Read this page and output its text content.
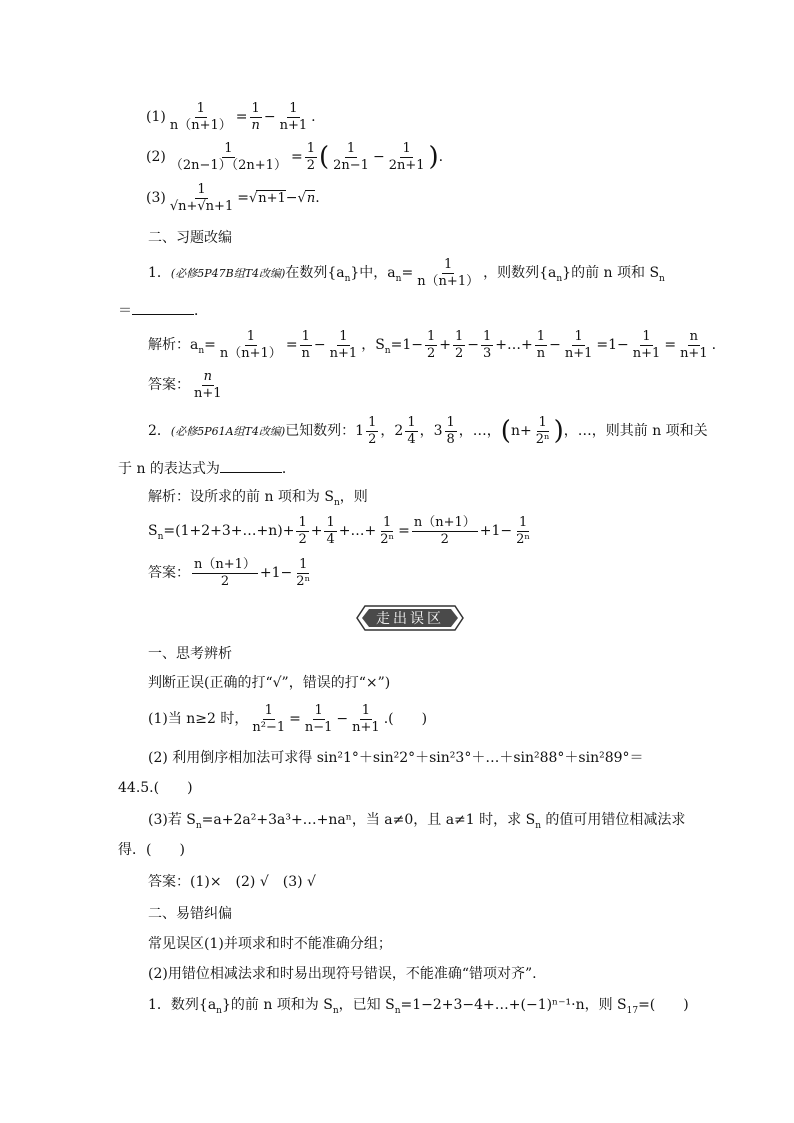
$(1) \frac{1}{n(n+1)} = \frac{1}{n} - \frac{1}{n+1}$ .
$(2) \frac{1}{(2n-1)(2n+1)} = \frac{1}{2}$ ( $\frac{1}{2n-1} - \frac{1}{2n+1}$ ).
$(3) \frac{1}{√n+√n+1} =√n+1-√n$.
二、习题改编
1．(必修5P47B组T4改编)在数列$\{a_n\}$中，$a_n= \frac{1}{n(n+1)}$ ，则数列$\{a_n\}$的前 n 项和 $S_n$
＝	．
解析：$a_n= \frac{1}{n(n+1)} = \frac{1}{n} - \frac{1}{n+1}$ ，$S_n=1- \frac{1}{2} + \frac{1}{2} - \frac{1}{3}$ +…+ $\frac{1}{n} - \frac{1}{n+1} =1- \frac{1}{n+1} = \frac{n}{n+1}$ .
答案： $\frac{n}{n+1}$
2．(必修5P61A组T4改编)已知数列：$1 \frac{1}{2}$ ，$2 \frac{1}{4}$ ，$3 \frac{1}{8}$ ，…，($n+ \frac{1}{\text{2ⁿ}}$ )，…，则其前 n 项和关
于 n 的表达式为	．
解析：设所求的前 n 项和为 $S_n$，则
$S_n=(1+2+3+\dots+n)+ \frac{1}{2} + \frac{1}{4}$ +…+ $\frac{1}{\text{2ⁿ}} = \frac{n(n+1)}{2} +1- \frac{1}{\text{2ⁿ}}$
答案： $\frac{n(n+1)}{2} +1- \frac{1}{\text{2ⁿ}}$
走出误区
一、思考辨析
判断正误(正确的打“√”，错误的打“×”)
(1)当 n≥2 时， $\frac{1}{\text{n²−1}} = \frac{1}{n-1} - \frac{1}{n+1}$ .(　　)
(2) 利用倒序相加法可求得 sin²1°＋sin²2°＋sin²3°＋…＋sin²88°＋sin²89°＝
44.5.(　　)
(3)若 $S_n=a+2a^2+3a^3+\dots+na^n$，当 a≠0，且 a≠1 时，求 $S_n$ 的值可用错位相减法求
得．(　　)
答案：(1)×　(2) √　(3) √
二、易错纠偏
常见误区(1)并项求和时不能准确分组；
(2)用错位相减法求和时易出现符号错误，不能准确“错项对齐”.
1．数列$\{a_n\}$的前 n 项和为 $S_n$，已知 $S_n=1-2+3-4+\dots+(-1)^{n-1}\cdot n$，则 $S_{17}=$(　　)
